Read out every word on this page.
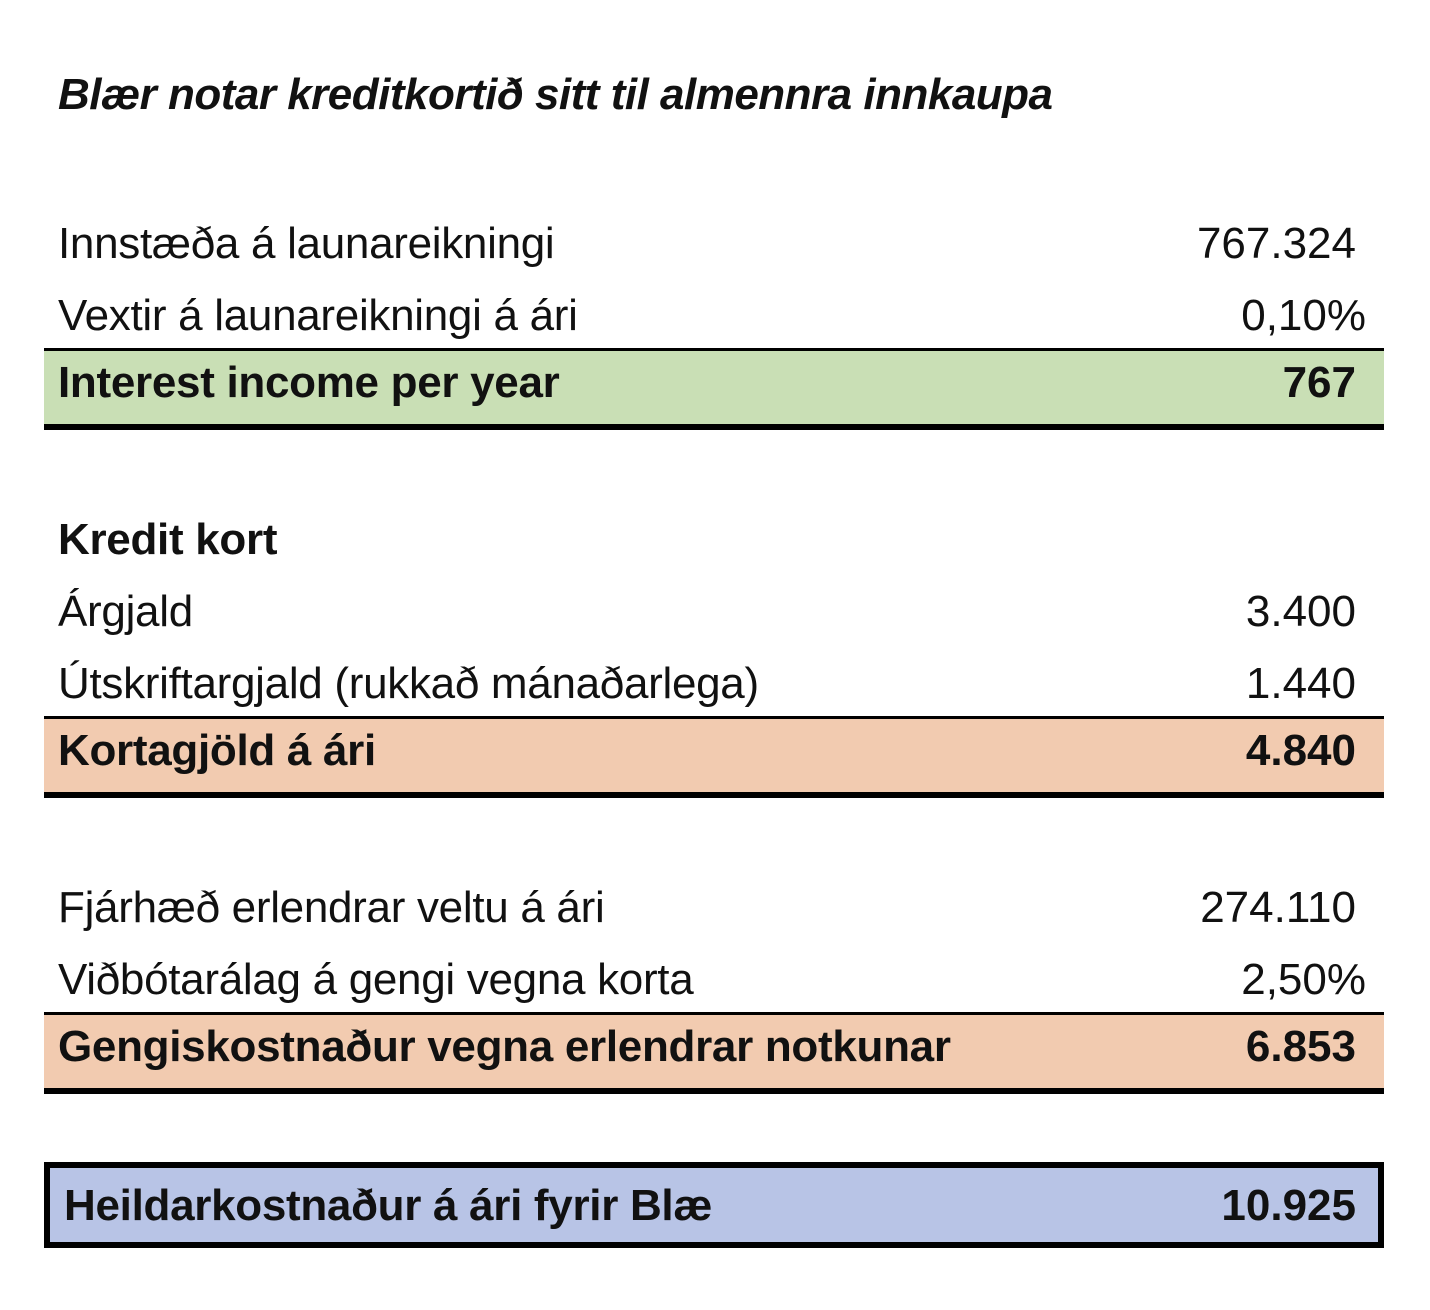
Blær notar kreditkortið sitt til almennra innkaupa
Innstæða á launareikningi	767.324
Vextir á launareikningi á ári	0,10%
Interest income per year	767
Kredit kort
Árgjald	3.400
Útskriftargjald (rukkað mánaðarlega)	1.440
Kortagjöld á ári	4.840
Fjárhæð erlendrar veltu á ári	274.110
Viðbótarálag á gengi vegna korta	2,50%
Gengiskostnaður vegna erlendrar notkunar	6.853
Heildarkostnaður á ári fyrir Blæ	10.925
